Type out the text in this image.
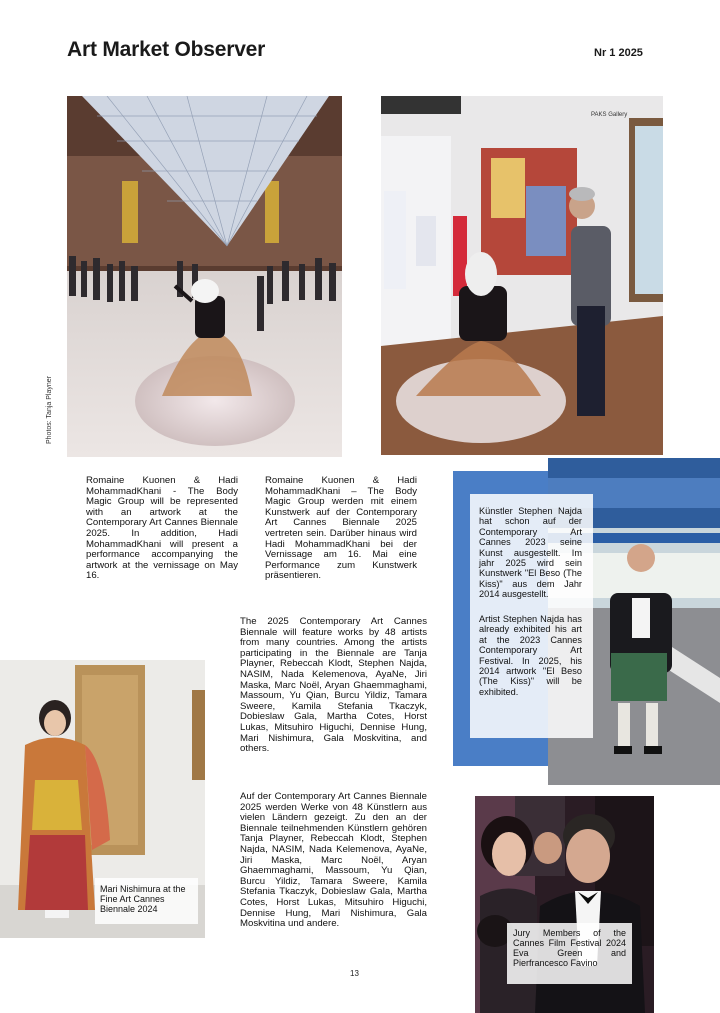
Art Market Observer	Nr 1 2025
Photos: Tanja Playner
PAKS Gallery
Romaine Kuonen & Hadi MohammadKhani - The Body Magic Group will be represented with an artwork at the Contemporary Art Cannes Biennale 2025. In addition, Hadi MohammadKhani will present a performance accompanying the artwork at the vernissage on May 16.
Romaine Kuonen & Hadi MohammadKhani – The Body Magic Group werden mit einem Kunstwerk auf der Contemporary Art Cannes Biennale 2025 vertreten sein. Darüber hinaus wird Hadi MohammadKhani bei der Vernissage am 16. Mai eine Performance zum Kunstwerk präsentieren.
The 2025 Contemporary Art Cannes Biennale will feature works by 48 artists from many countries. Among the artists participating in the Biennale are Tanja Playner, Rebeccah Klodt, Stephen Najda, NASIM, Nada Kelemenova, AyaNe, Jiri Maska, Marc Noël, Aryan Ghaemmaghami, Massoum, Yu Qian, Burcu Yildiz, Tamara Sweere, Kamila Stefania Tkaczyk, Dobieslaw Gala, Martha Cotes, Horst Lukas, Mitsuhiro Higuchi, Dennise Hung, Mari Nishimura, Gala Moskvitina, and others.
Auf der Contemporary Art Cannes Biennale 2025 werden Werke von 48 Künstlern aus vielen Ländern gezeigt. Zu den an der Biennale teilnehmenden Künstlern gehören Tanja Playner, Rebeccah Klodt, Stephen Najda, NASIM, Nada Kelemenova, AyaNe, Jiri Maska, Marc Noël, Aryan Ghaemmaghami, Massoum, Yu Qian, Burcu Yildiz, Tamara Sweere, Kamila Stefania Tkaczyk, Dobieslaw Gala, Martha Cotes, Horst Lukas, Mitsuhiro Higuchi, Dennise Hung, Mari Nishimura, Gala Moskvitina und andere.
Künstler Stephen Najda hat schon auf der Contemporary Art Cannes 2023 seine Kunst ausgestellt. Im jahr 2025 wird sein Kunstwerk "El Beso (The Kiss)" aus dem Jahr 2014 ausgestellt.
Artist Stephen Najda has already exhibited his art at the 2023 Cannes Contemporary Art Festival. In 2025, his 2014 artwork "El Beso (The Kiss)" will be exhibited.
Mari Nishimura at the Fine Art Cannes Biennale 2024
Jury Members of the Cannes Film Festival 2024 Eva Green and Pierfrancesco Favino
13
